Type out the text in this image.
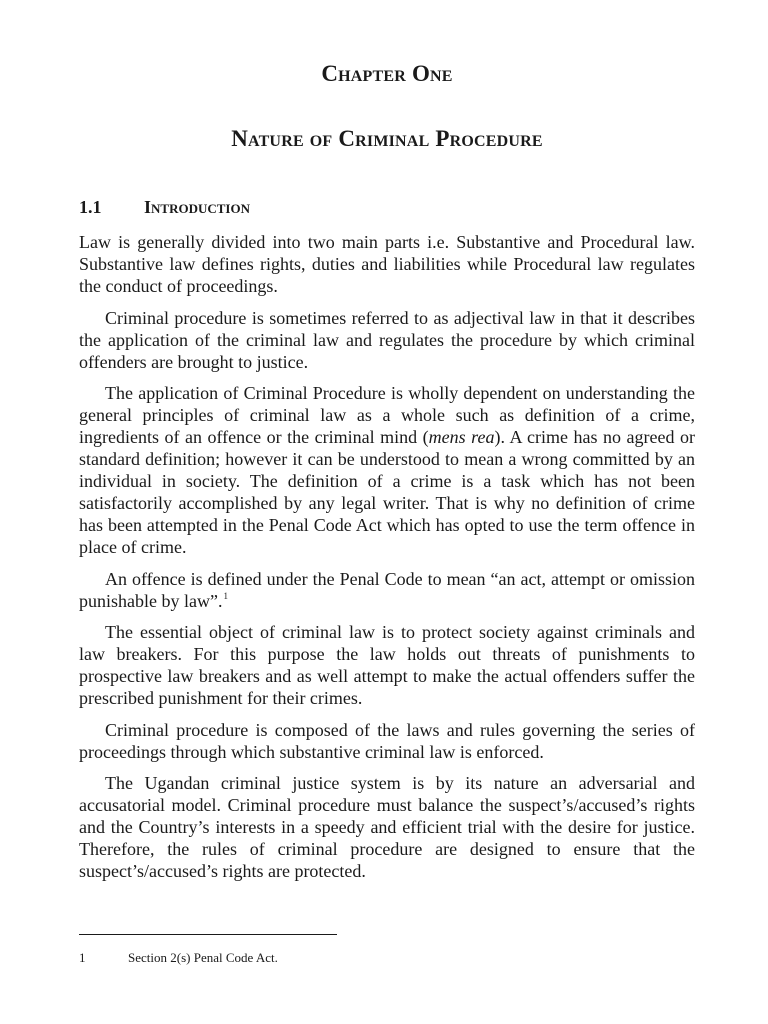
Chapter One
Nature of Criminal Procedure
1.1	Introduction

Law is generally divided into two main parts i.e. Substantive and Procedural law. Substantive law defines rights, duties and liabilities while Procedural law regulates the conduct of proceedings.

Criminal procedure is sometimes referred to as adjectival law in that it describes the application of the criminal law and regulates the procedure by which criminal offenders are brought to justice.

The application of Criminal Procedure is wholly dependent on understanding the general principles of criminal law as a whole such as definition of a crime, ingredients of an offence or the criminal mind (mens rea). A crime has no agreed or standard definition; however it can be understood to mean a wrong committed by an individual in society. The definition of a crime is a task which has not been satisfactorily accomplished by any legal writer. That is why no definition of crime has been attempted in the Penal Code Act which has opted to use the term offence in place of crime.

An offence is defined under the Penal Code to mean “an act, attempt or omission punishable by law”.$^1$

The essential object of criminal law is to protect society against criminals and law breakers. For this purpose the law holds out threats of punishments to prospective law breakers and as well attempt to make the actual offenders suffer the prescribed punishment for their crimes.

Criminal procedure is composed of the laws and rules governing the series of proceedings through which substantive criminal law is enforced.

The Ugandan criminal justice system is by its nature an adversarial and accusatorial model. Criminal procedure must balance the suspect’s/accused’s rights and the Country’s interests in a speedy and efficient trial with the desire for justice. Therefore, the rules of criminal procedure are designed to ensure that the suspect’s/accused’s rights are protected.

1	Section 2(s) Penal Code Act.
